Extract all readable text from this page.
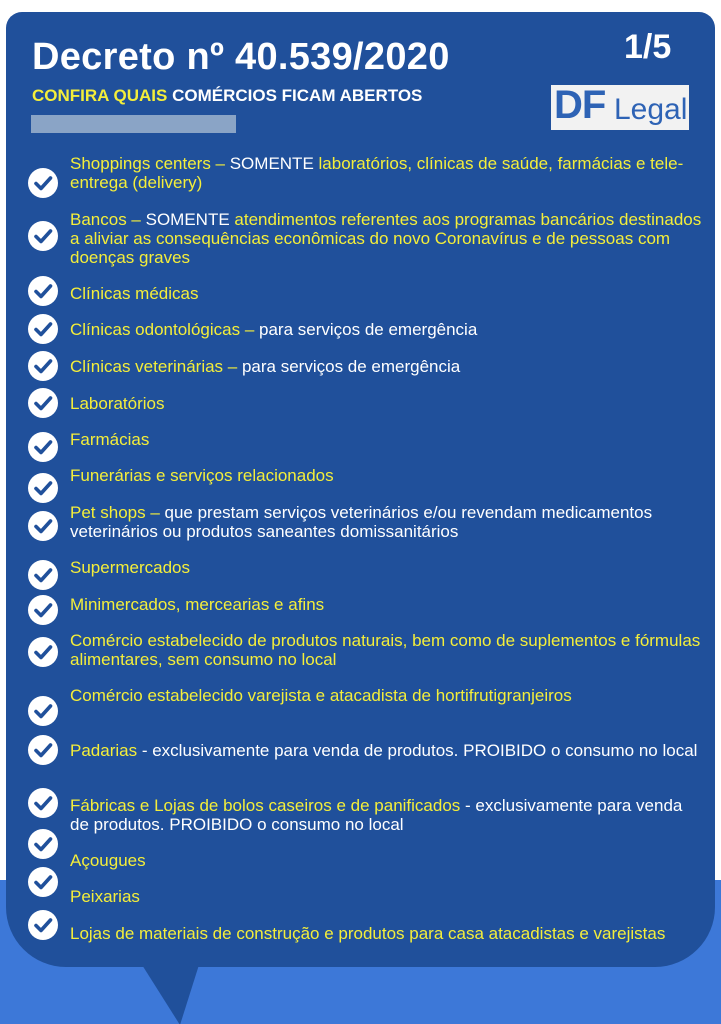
Decreto nº 40.539/2020	1/5
CONFIRA QUAIS COMÉRCIOS FICAM ABERTOS	DF Legal
Shoppings centers – SOMENTE laboratórios, clínicas de saúde, farmácias e tele-entrega (delivery)
Bancos – SOMENTE atendimentos referentes aos programas bancários destinados a aliviar as consequências econômicas do novo Coronavírus e de pessoas com doenças graves
Clínicas médicas
Clínicas odontológicas – para serviços de emergência
Clínicas veterinárias – para serviços de emergência
Laboratórios
Farmácias
Funerárias e serviços relacionados
Pet shops – que prestam serviços veterinários e/ou revendam medicamentos veterinários ou produtos saneantes domissanitários
Supermercados
Minimercados, mercearias e afins
Comércio estabelecido de produtos naturais, bem como de suplementos e fórmulas alimentares, sem consumo no local
Comércio estabelecido varejista e atacadista de hortifrutigranjeiros
Padarias - exclusivamente para venda de produtos. PROIBIDO o consumo no local
Fábricas e Lojas de bolos caseiros e de panificados - exclusivamente para venda de produtos. PROIBIDO o consumo no local
Açougues
Peixarias
Lojas de materiais de construção e produtos para casa atacadistas e varejistas
